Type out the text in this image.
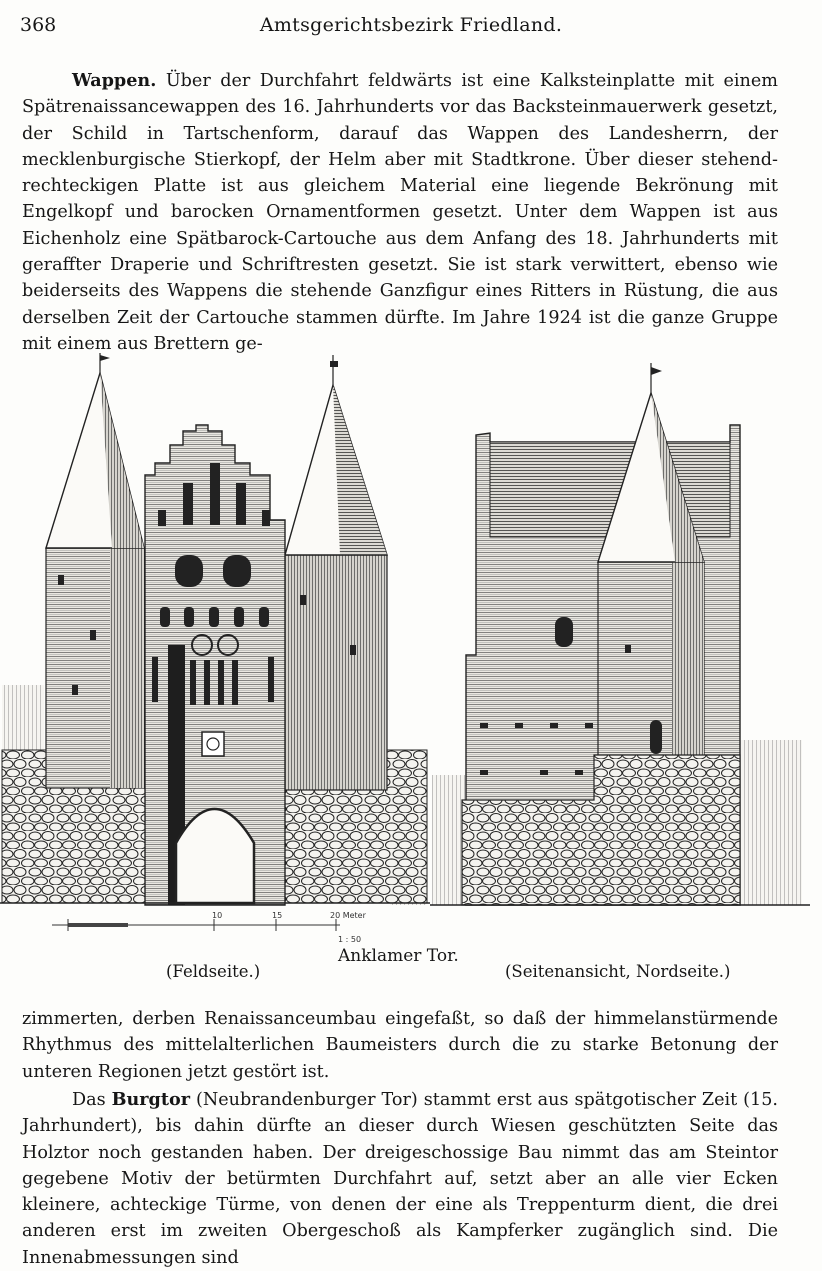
368	Amtsgerichtsbezirk Friedland.

Wappen. Über der Durchfahrt feldwärts ist eine Kalksteinplatte mit einem Spätrenaissancewappen des 16. Jahrhunderts vor das Backsteinmauerwerk gesetzt, der Schild in Tartschenform, darauf das Wappen des Landesherrn, der mecklenburgische Stierkopf, der Helm aber mit Stadtkrone. Über dieser stehend-rechteckigen Platte ist aus gleichem Material eine liegende Bekrönung mit Engelkopf und barocken Ornamentformen gesetzt. Unter dem Wappen ist aus Eichenholz eine Spätbarock-Cartouche aus dem Anfang des 18. Jahrhunderts mit geraffter Draperie und Schriftresten gesetzt. Sie ist stark verwittert, ebenso wie beiderseits des Wappens die stehende Ganzfigur eines Ritters in Rüstung, die aus derselben Zeit der Cartouche stammen dürfte. Im Jahre 1924 ist die ganze Gruppe mit einem aus Brettern ge-

10	15	20 Meter
1 : 50
Anklamer Tor.
(Feldseite.)	(Seitenansicht, Nordseite.)

zimmerten, derben Renaissanceumbau eingefaßt, so daß der himmelanstürmende Rhythmus des mittelalterlichen Baumeisters durch die zu starke Betonung der unteren Regionen jetzt gestört ist.

Das Burgtor (Neubrandenburger Tor) stammt erst aus spätgotischer Zeit (15. Jahrhundert), bis dahin dürfte an dieser durch Wiesen geschützten Seite das Holztor noch gestanden haben. Der dreigeschossige Bau nimmt das am Steintor gegebene Motiv der betürmten Durchfahrt auf, setzt aber an alle vier Ecken kleinere, achteckige Türme, von denen der eine als Treppenturm dient, die drei anderen erst im zweiten Obergeschoß als Kampferker zugänglich sind. Die Innenabmessungen sind
